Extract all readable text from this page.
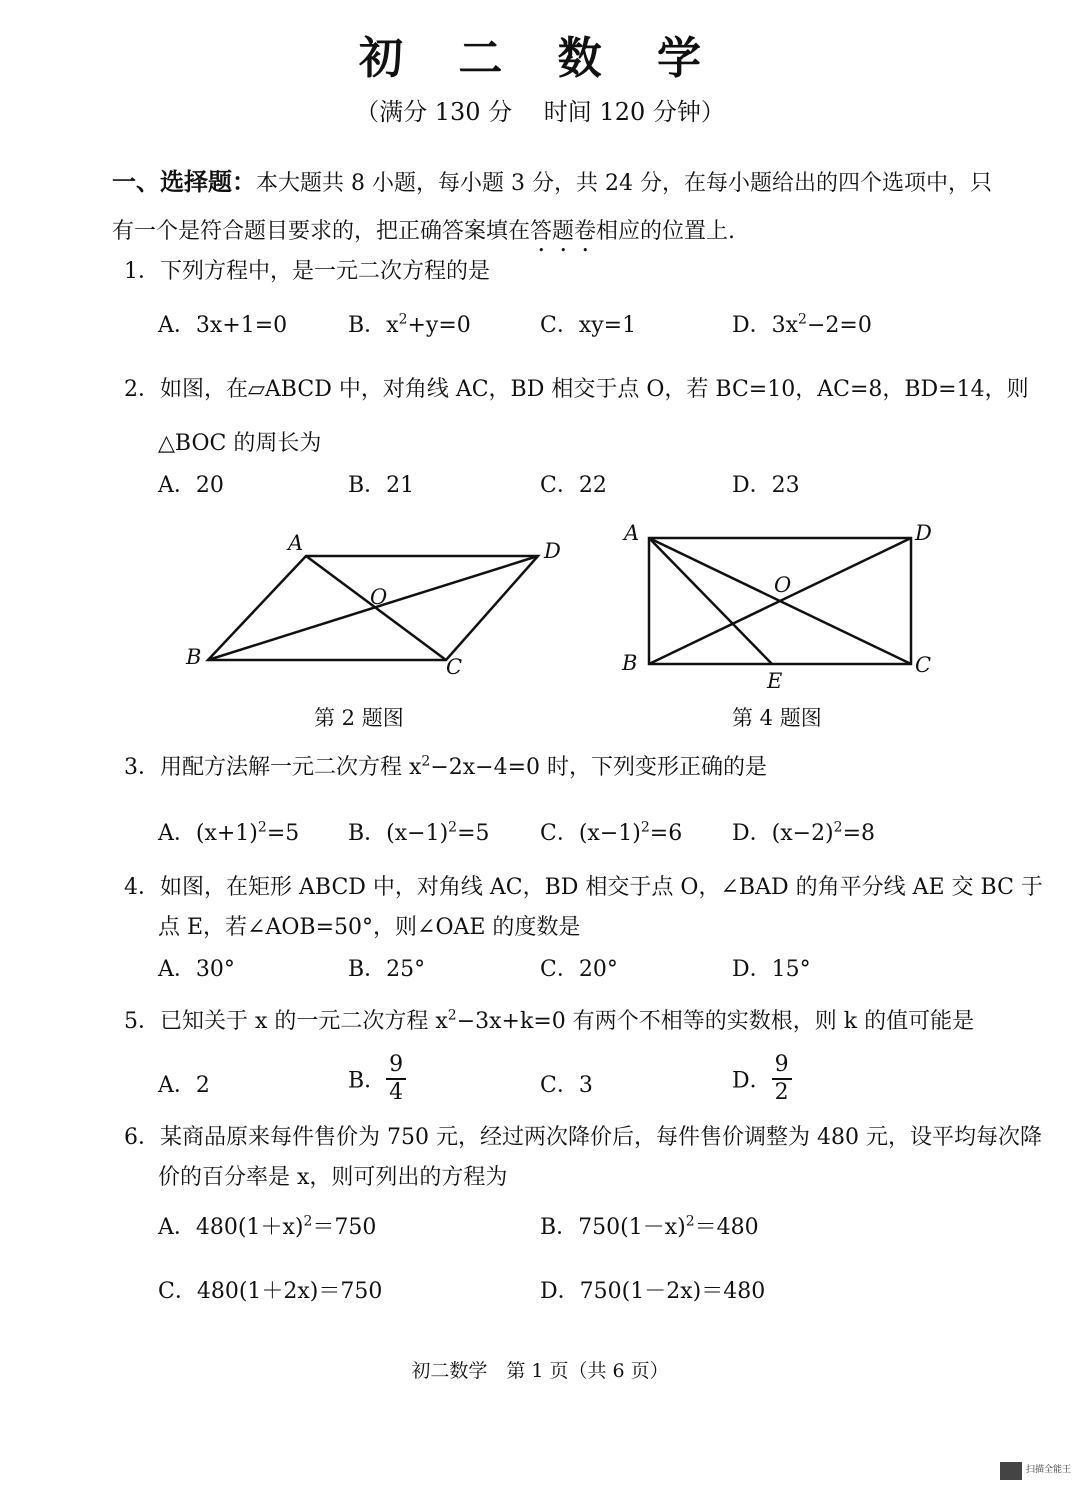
初 二 数 学
（满分 130 分　 时间 120 分钟）
一、选择题：本大题共 8 小题，每小题 3 分，共 24 分，在每小题给出的四个选项中，只有一个是符合题目要求的，把正确答案填在答题卷相应的位置上.
1．下列方程中，是一元二次方程的是
A．3x+1=0	B．$x^2+y=0$	C．xy=1	D．$3x^2-2=0$
2．如图，在▱ABCD 中，对角线 AC，BD 相交于点 O，若 BC=10，AC=8，BD=14，则
△BOC 的周长为
A．20	B．21	C．22	D．23
A	D
O
B	C
第 2 题图
A	D
O
B	C
E
第 4 题图
3．用配方法解一元二次方程 $x^2-2x-4=0$ 时，下列变形正确的是
A．$(x+1)^2=5$ B．$(x-1)^2=5$ C．$(x-1)^2=6$ D．$(x-2)^2=8$
4．如图，在矩形 ABCD 中，对角线 AC，BD 相交于点 O，∠BAD 的角平分线 AE 交 BC 于
点 E，若∠AOB=50°，则∠OAE 的度数是
A．30°	B．25°	C．20°	D．15°
5．已知关于 x 的一元二次方程 $x^2-3x+k=0$ 有两个不相等的实数根，则 k 的值可能是
A．2	B． $\frac{9}{4}$	C．3	D． $\frac{9}{2}$
6．某商品原来每件售价为 750 元，经过两次降价后，每件售价调整为 480 元，设平均每次降
价的百分率是 x，则可列出的方程为
A．$480(1+x)^2=750$	B．$750(1-x)^2=480$
C．480(1＋2x)＝750	D．750(1－2x)＝480
初二数学　第 1 页（共 6 页）
扫描全能王
